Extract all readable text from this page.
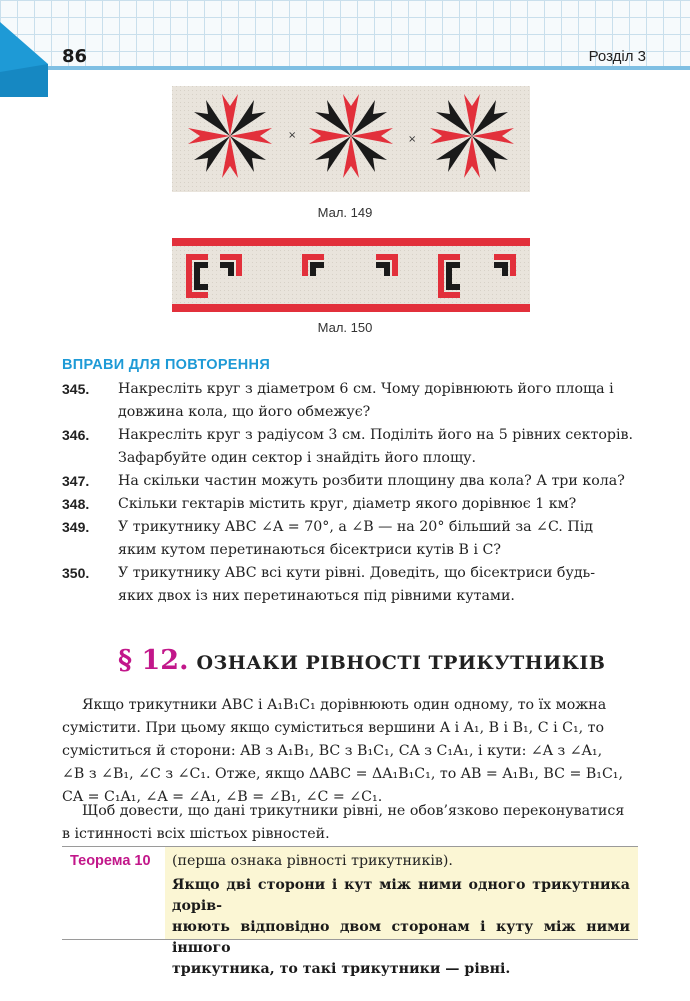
86	Розділ 3
×	×
Мал. 149
Мал. 150
ВПРАВИ ДЛЯ ПОВТОРЕННЯ
345. Накресліть круг з діаметром 6 см. Чому дорівнюють його площа і
довжина кола, що його обмежує?
346. Накресліть круг з радіусом 3 см. Поділіть його на 5 рівних секторів.
Зафарбуйте один сектор і знайдіть його площу.
347. На скільки частин можуть розбити площину два кола? А три кола?
348. Скільки гектарів містить круг, діаметр якого дорівнює 1 км?
349. У трикутнику ABC ∠A = 70°, а ∠B — на 20° більший за ∠C. Під
яким кутом перетинаються бісектриси кутів B і C?
350. У трикутнику ABC всі кути рівні. Доведіть, що бісектриси будь-
яких двох із них перетинаються під рівними кутами.
§ 12. ОЗНАКИ РІВНОСТІ ТРИКУТНИКІВ

Якщо трикутники ABC і A₁B₁C₁ дорівнюють один одному, то їх можна

сумістити. При цьому якщо суміститься вершини A і A₁, B і B₁, C і C₁, то

суміститься й сторони: AB з A₁B₁, BC з B₁C₁, CA з C₁A₁, і кути: ∠A з ∠A₁,

∠B з ∠B₁, ∠C з ∠C₁. Отже, якщо ΔABC = ΔA₁B₁C₁, то AB = A₁B₁, BC = B₁C₁,

CA = C₁A₁, ∠A = ∠A₁, ∠B = ∠B₁, ∠C = ∠C₁.

Щоб довести, що дані трикутники рівні, не обов’язково переконуватися

в істинності всіх шістьох рівностей.

Теорема 10 (перша ознака рівності трикутників).
Якщо дві сторони і кут між ними одного трикутника дорів-
нюють відповідно двом сторонам і куту між ними іншого
трикутника, то такі трикутники — рівні.
